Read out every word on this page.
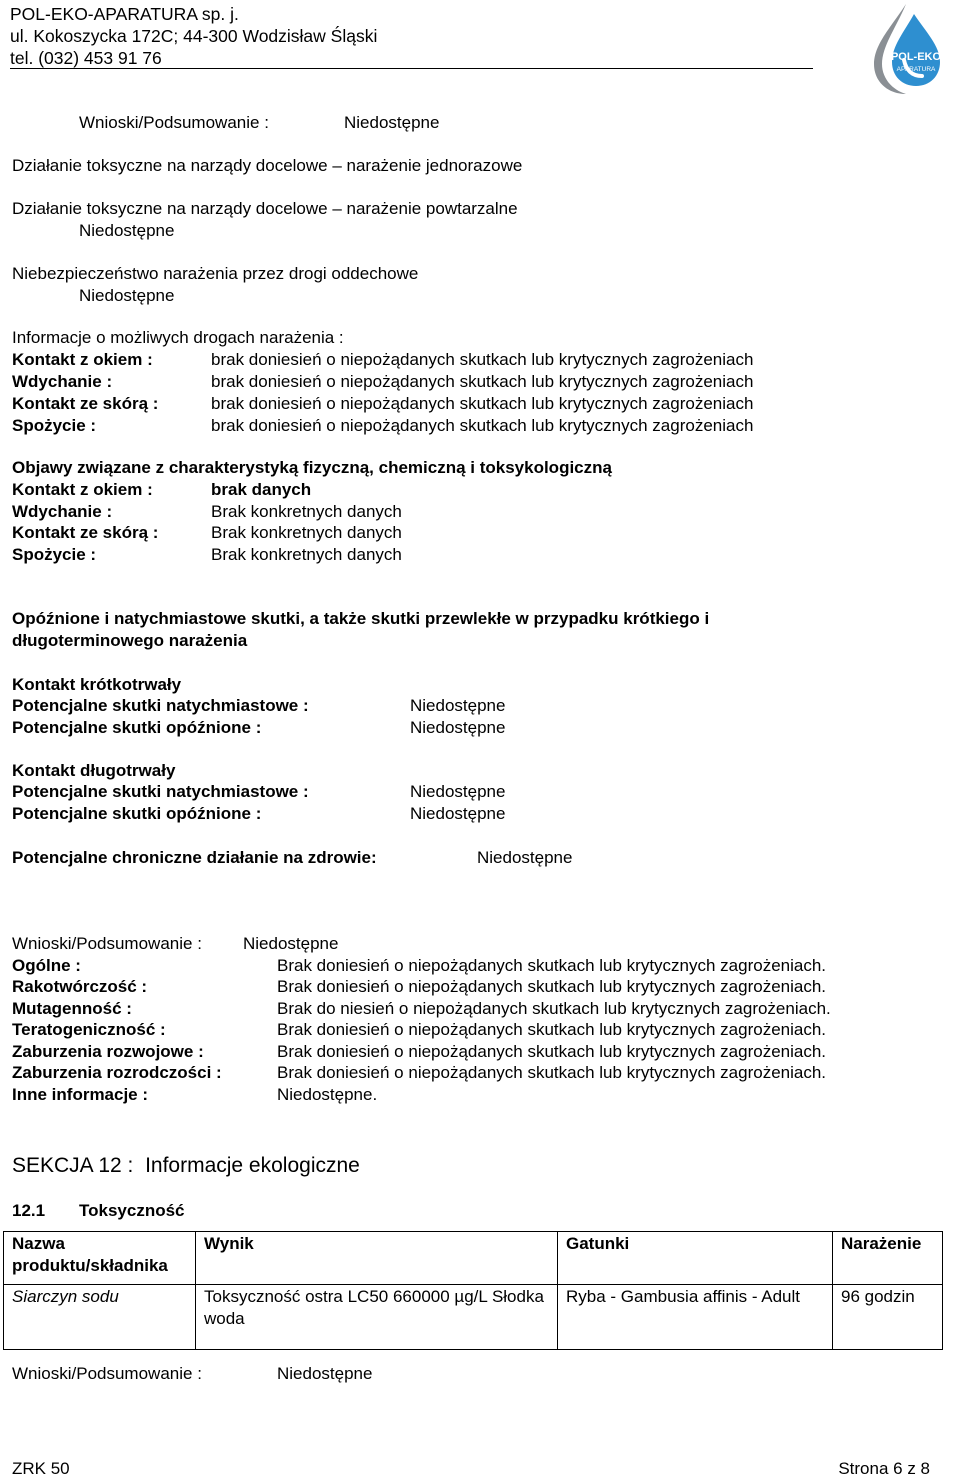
POL-EKO-APARATURA sp. j.
ul. Kokoszycka 172C; 44-300 Wodzisław Śląski
tel. (032) 453 91 76	POL-EKO
APARATURA
Wnioski/Podsumowanie :	Niedostępne
Działanie toksyczne na narządy docelowe – narażenie jednorazowe
Działanie toksyczne na narządy docelowe – narażenie powtarzalne
Niedostępne
Niebezpieczeństwo narażenia przez drogi oddechowe
Niedostępne
Informacje o możliwych drogach narażenia :
Kontakt z okiem :	brak doniesień o niepożądanych skutkach lub krytycznych zagrożeniach
Wdychanie :	brak doniesień o niepożądanych skutkach lub krytycznych zagrożeniach
Kontakt ze skórą :	brak doniesień o niepożądanych skutkach lub krytycznych zagrożeniach
Spożycie :	brak doniesień o niepożądanych skutkach lub krytycznych zagrożeniach
Objawy związane z charakterystyką fizyczną, chemiczną i toksykologiczną
Kontakt z okiem :	brak danych
Wdychanie :	Brak konkretnych danych
Kontakt ze skórą :	Brak konkretnych danych
Spożycie :	Brak konkretnych danych
Opóźnione i natychmiastowe skutki, a także skutki przewlekłe w przypadku krótkiego i
długoterminowego narażenia
Kontakt krótkotrwały
Potencjalne skutki natychmiastowe :	Niedostępne
Potencjalne skutki opóźnione :	Niedostępne
Kontakt długotrwały
Potencjalne skutki natychmiastowe :	Niedostępne
Potencjalne skutki opóźnione :	Niedostępne
Potencjalne chroniczne działanie na zdrowie:	Niedostępne
Wnioski/Podsumowanie : Niedostępne
Ogólne :	Brak doniesień o niepożądanych skutkach lub krytycznych zagrożeniach.
Rakotwórczość :	Brak doniesień o niepożądanych skutkach lub krytycznych zagrożeniach.
Mutagenność :	Brak do niesień o niepożądanych skutkach lub krytycznych zagrożeniach.
Teratogeniczność :	Brak doniesień o niepożądanych skutkach lub krytycznych zagrożeniach.
Zaburzenia rozwojowe :	Brak doniesień o niepożądanych skutkach lub krytycznych zagrożeniach.
Zaburzenia rozrodczości :	Brak doniesień o niepożądanych skutkach lub krytycznych zagrożeniach.
Inne informacje :	Niedostępne.
SEKCJA 12 :  Informacje ekologiczne
12.1 Toksyczność
Nazwa produktu/składnika	Wynik	Gatunki	Narażenie
Siarczyn sodu	Toksyczność ostra LC50 660000 µg/L Słodka woda	Ryba - Gambusia affinis - Adult	96 godzin
Wnioski/Podsumowanie :	Niedostępne
ZRK 50	Strona 6 z 8
